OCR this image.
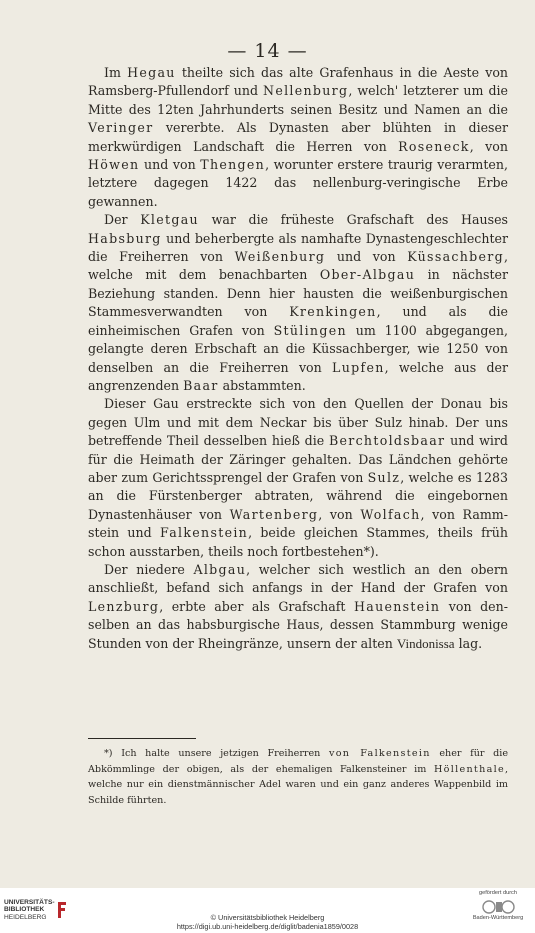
— 14 —

Im Hegau theilte sich das alte Grafenhaus in die Aeste von Ramsberg-Pfullendorf und Nellenburg, welch' letzterer um die Mitte des 12ten Jahrhunderts seinen Besitz und Namen an die Veringer vererbte. Als Dynasten aber blühten in dieser merkwürdigen Landschaft die Herren von Roseneck, von Höwen und von Thengen, worunter erstere traurig verarmten, letztere dagegen 1422 das nellenburg-veringische Erbe gewannen.

Der Kletgau war die früheste Grafschaft des Hauses Habsburg und beherbergte als namhafte Dynastengeschlechter die Freiherren von Weißenburg und von Küssachberg, welche mit dem benachbarten Ober-Albgau in nächster Beziehung standen. Denn hier hausten die weißenburgischen Stammesverwandten von Krenkingen, und als die einheimischen Grafen von Stülingen um 1100 abgegangen, gelangte deren Erbschaft an die Küssachberger, wie 1250 von denselben an die Freiherren von Lupfen, welche aus der angrenzenden Baar abstammten.

Dieser Gau erstreckte sich von den Quellen der Donau bis gegen Ulm und mit dem Neckar bis über Sulz hinab. Der uns betreffende Theil desselben hieß die Berchtoldsbaar und wird für die Heimath der Zäringer gehalten. Das Ländchen gehörte aber zum Gerichtssprengel der Grafen von Sulz, welche es 1283 an die Fürstenberger abtraten, während die eingebornen Dynastenhäuser von Wartenberg, von Wolfach, von Rammstein und Falkenstein, beide gleichen Stammes, theils früh schon ausstarben, theils noch fortbestehen*).

Der niedere Albgau, welcher sich westlich an den obern anschließt, befand sich anfangs in der Hand der Grafen von Lenzburg, erbte aber als Grafschaft Hauenstein von denselben an das habsburgische Haus, dessen Stammburg wenige Stunden von der Rheingränze, unsern der alten Vindonissa lag.

*) Ich halte unsere jetzigen Freiherren von Falkenstein eher für die Abkömmlinge der obigen, als der ehemaligen Falkensteiner im Höllenthale, welche nur ein dienstmännischer Adel waren und ein ganz anderes Wappenbild im Schilde führten.
UNIVERSITÄTS-
BIBLIOTHEK
HEIDELBERG	© Universitätsbibliothek Heidelberg
https://digi.ub.uni-heidelberg.de/diglit/badenia1859/0028
gefördert durch
Baden-Württemberg
